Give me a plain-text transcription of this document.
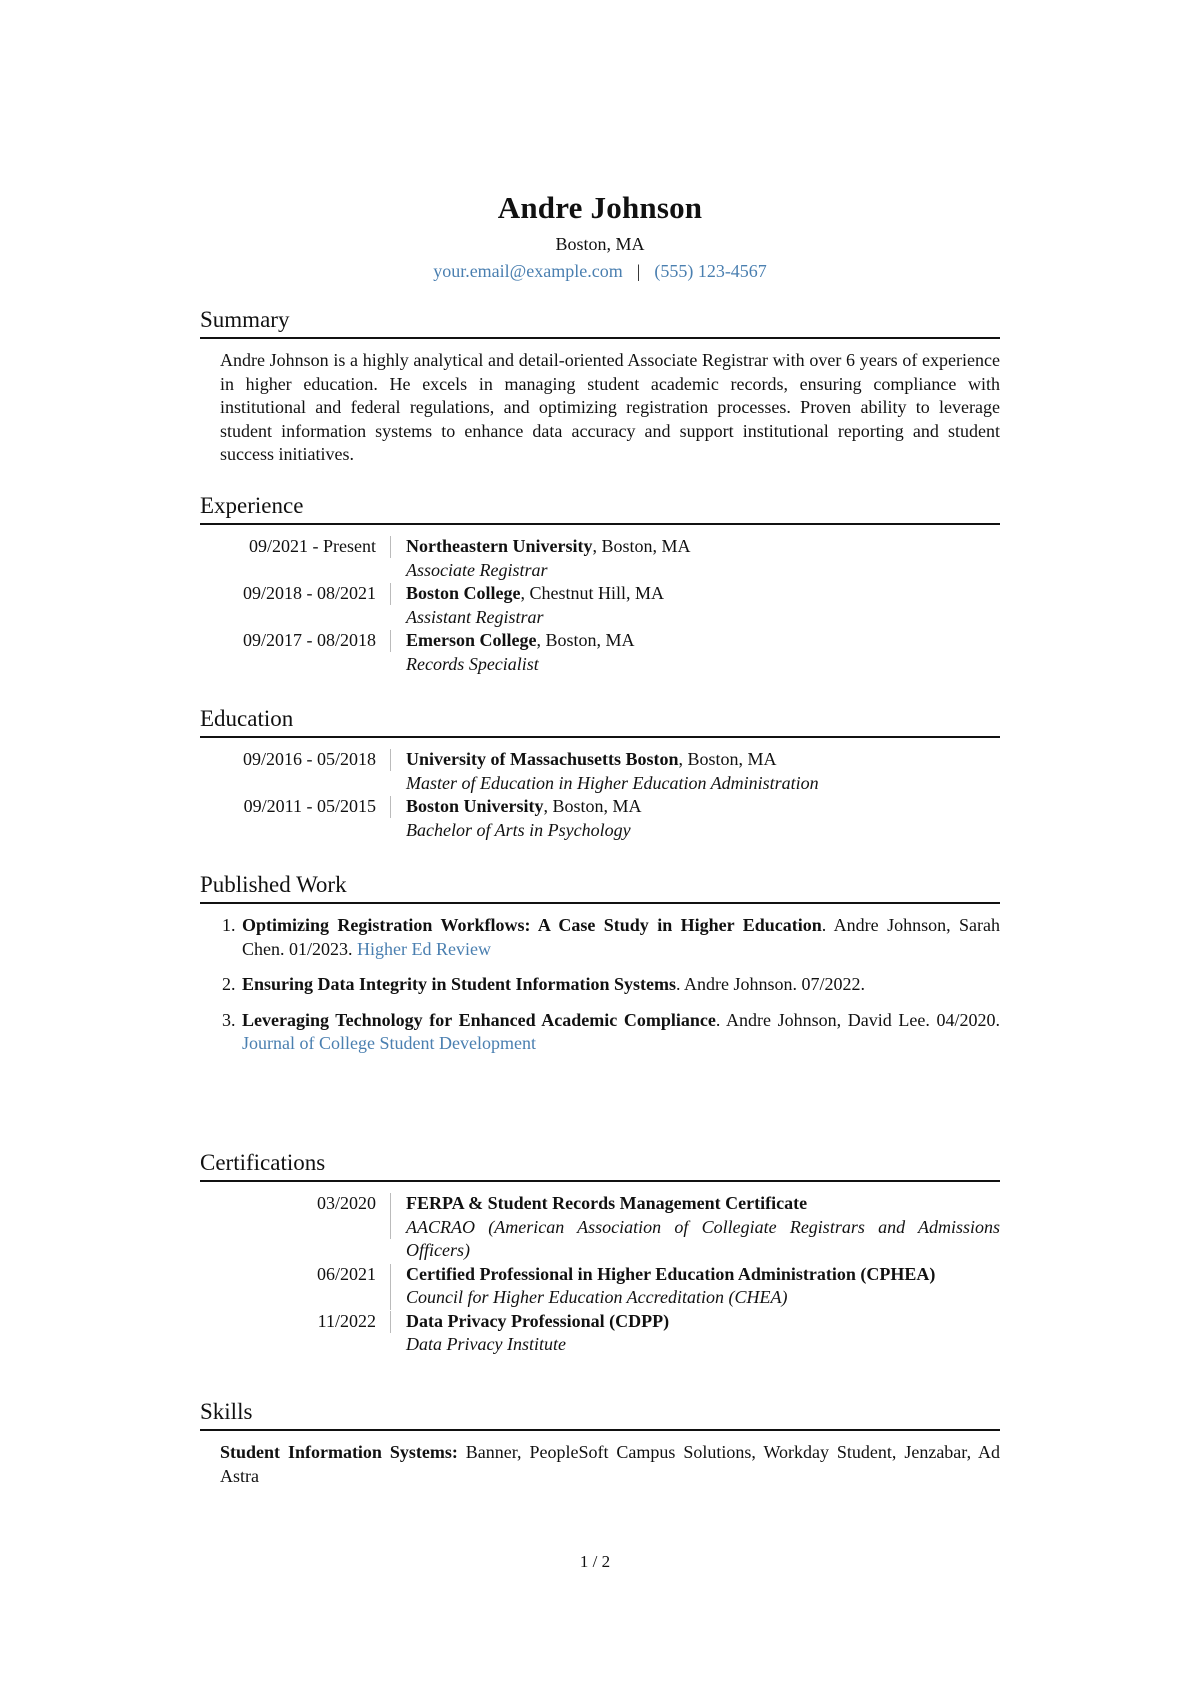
Andre Johnson
Boston, MA
your.email@example.com | (555) 123-4567
Summary
Andre Johnson is a highly analytical and detail-oriented Associate Registrar with over 6 years of experience in higher education. He excels in managing student academic records, ensuring compliance with institutional and federal regulations, and optimizing registration processes. Proven ability to leverage student information systems to enhance data accuracy and support institutional reporting and student success initiatives.
Experience
09/2021 - Present	Northeastern University, Boston, MA
Associate Registrar
09/2018 - 08/2021	Boston College, Chestnut Hill, MA
Assistant Registrar
09/2017 - 08/2018	Emerson College, Boston, MA
Records Specialist
Education
09/2016 - 05/2018	University of Massachusetts Boston, Boston, MA
Master of Education in Higher Education Administration
09/2011 - 05/2015	Boston University, Boston, MA
Bachelor of Arts in Psychology
Published Work
1. Optimizing Registration Workflows: A Case Study in Higher Education. Andre Johnson, Sarah Chen. 01/2023. Higher Ed Review
2. Ensuring Data Integrity in Student Information Systems. Andre Johnson. 07/2022.
3. Leveraging Technology for Enhanced Academic Compliance. Andre Johnson, David Lee. 04/2020. Journal of College Student Development
Certifications
03/2020	FERPA & Student Records Management Certificate
AACRAO (American Association of Collegiate Registrars and Admissions Officers)
06/2021	Certified Professional in Higher Education Administration (CPHEA)
Council for Higher Education Accreditation (CHEA)
11/2022	Data Privacy Professional (CDPP)
Data Privacy Institute
Skills
Student Information Systems: Banner, PeopleSoft Campus Solutions, Workday Student, Jenzabar, Ad Astra
1 / 2
